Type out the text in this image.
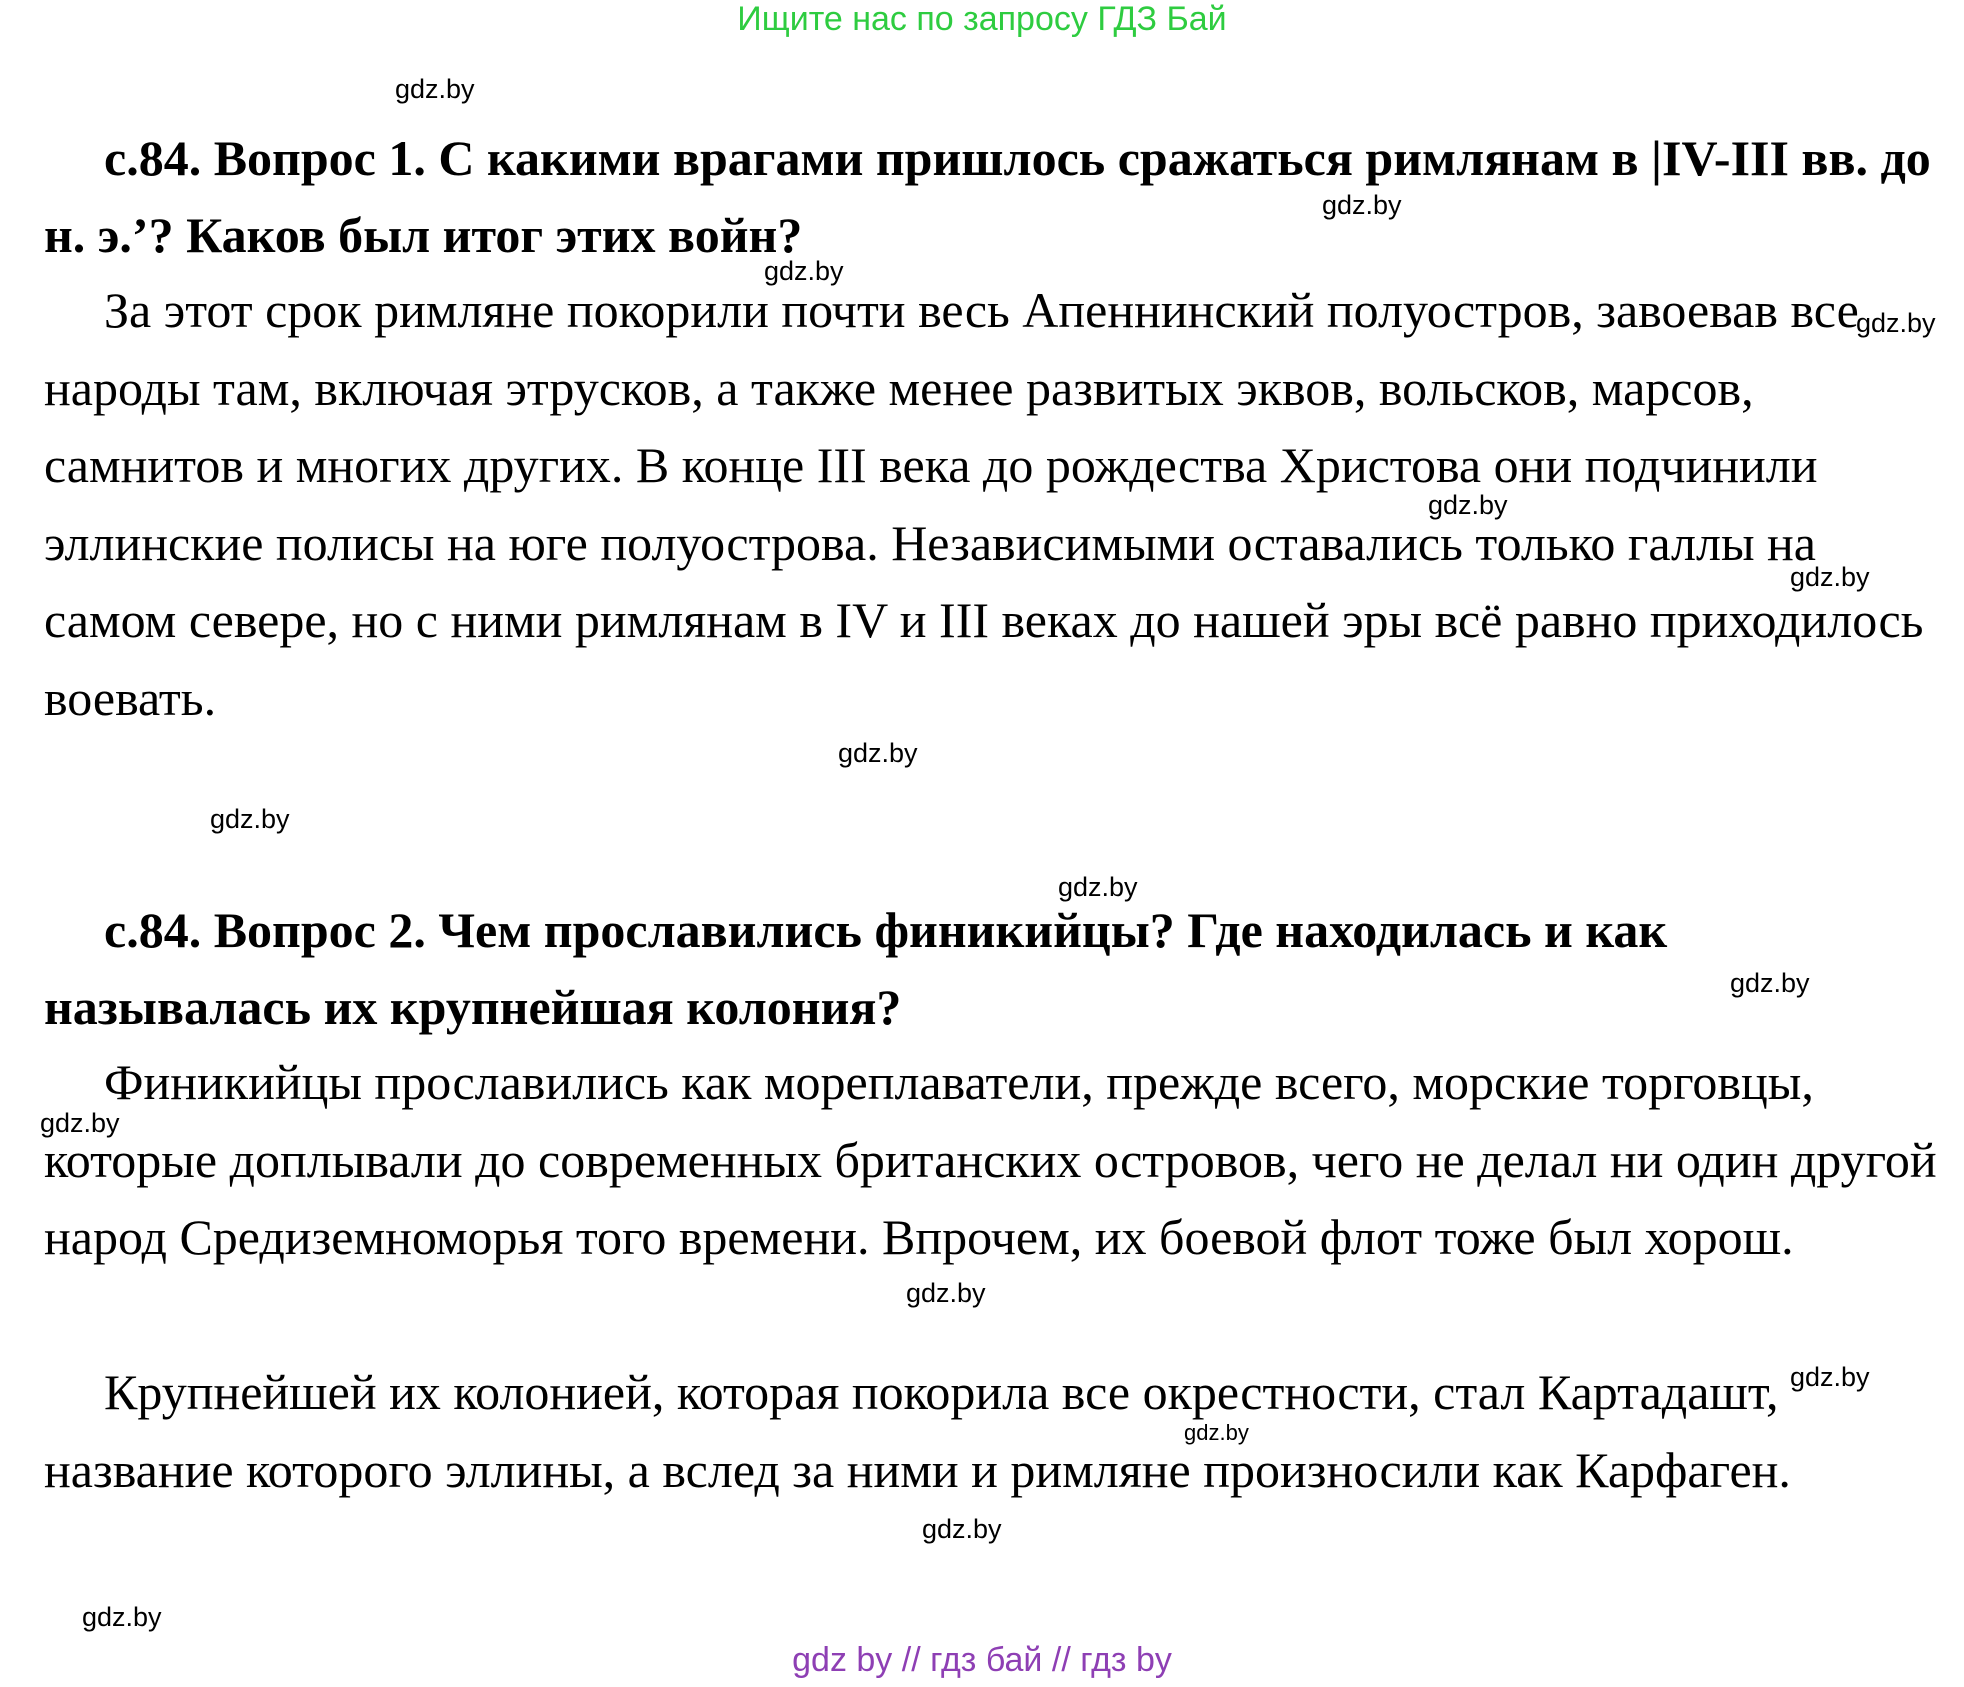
Ищите нас по запросу ГДЗ Бай
с.84. Вопрос 1. С какими врагами пришлось сражаться римлянам в |IV-III вв. до н. э.’? Каков был итог этих войн?

За этот срок римляне покорили почти весь Апеннинский полуостров, завоевав все народы там, включая этрусков, а также менее развитых эквов, вольсков, марсов, самнитов и многих других. В конце III века до рождества Христова они подчинили эллинские полисы на юге полуострова. Независимыми оставались только галлы на самом севере, но с ними римлянам в IV и III веках до нашей эры всё равно приходилось воевать.

с.84. Вопрос 2. Чем прославились финикийцы? Где находилась и как называлась их крупнейшая колония?

Финикийцы прославились как мореплаватели, прежде всего, морские торговцы, которые доплывали до современных британских островов, чего не делал ни один другой народ Средиземноморья того времени. Впрочем, их боевой флот тоже был хорош.

Крупнейшей их колонией, которая покорила все окрестности, стал Картадашт, название которого эллины, а вслед за ними и римляне произносили как Карфаген.

gdz.by
gdz.by
gdz.by
gdz.by
gdz.by
gdz.by
gdz.by
gdz.by
gdz.by
gdz.by
gdz.by
gdz.by
gdz.by
gdz.by
gdz.by
gdz.by
gdz by // гдз бай // гдз by
